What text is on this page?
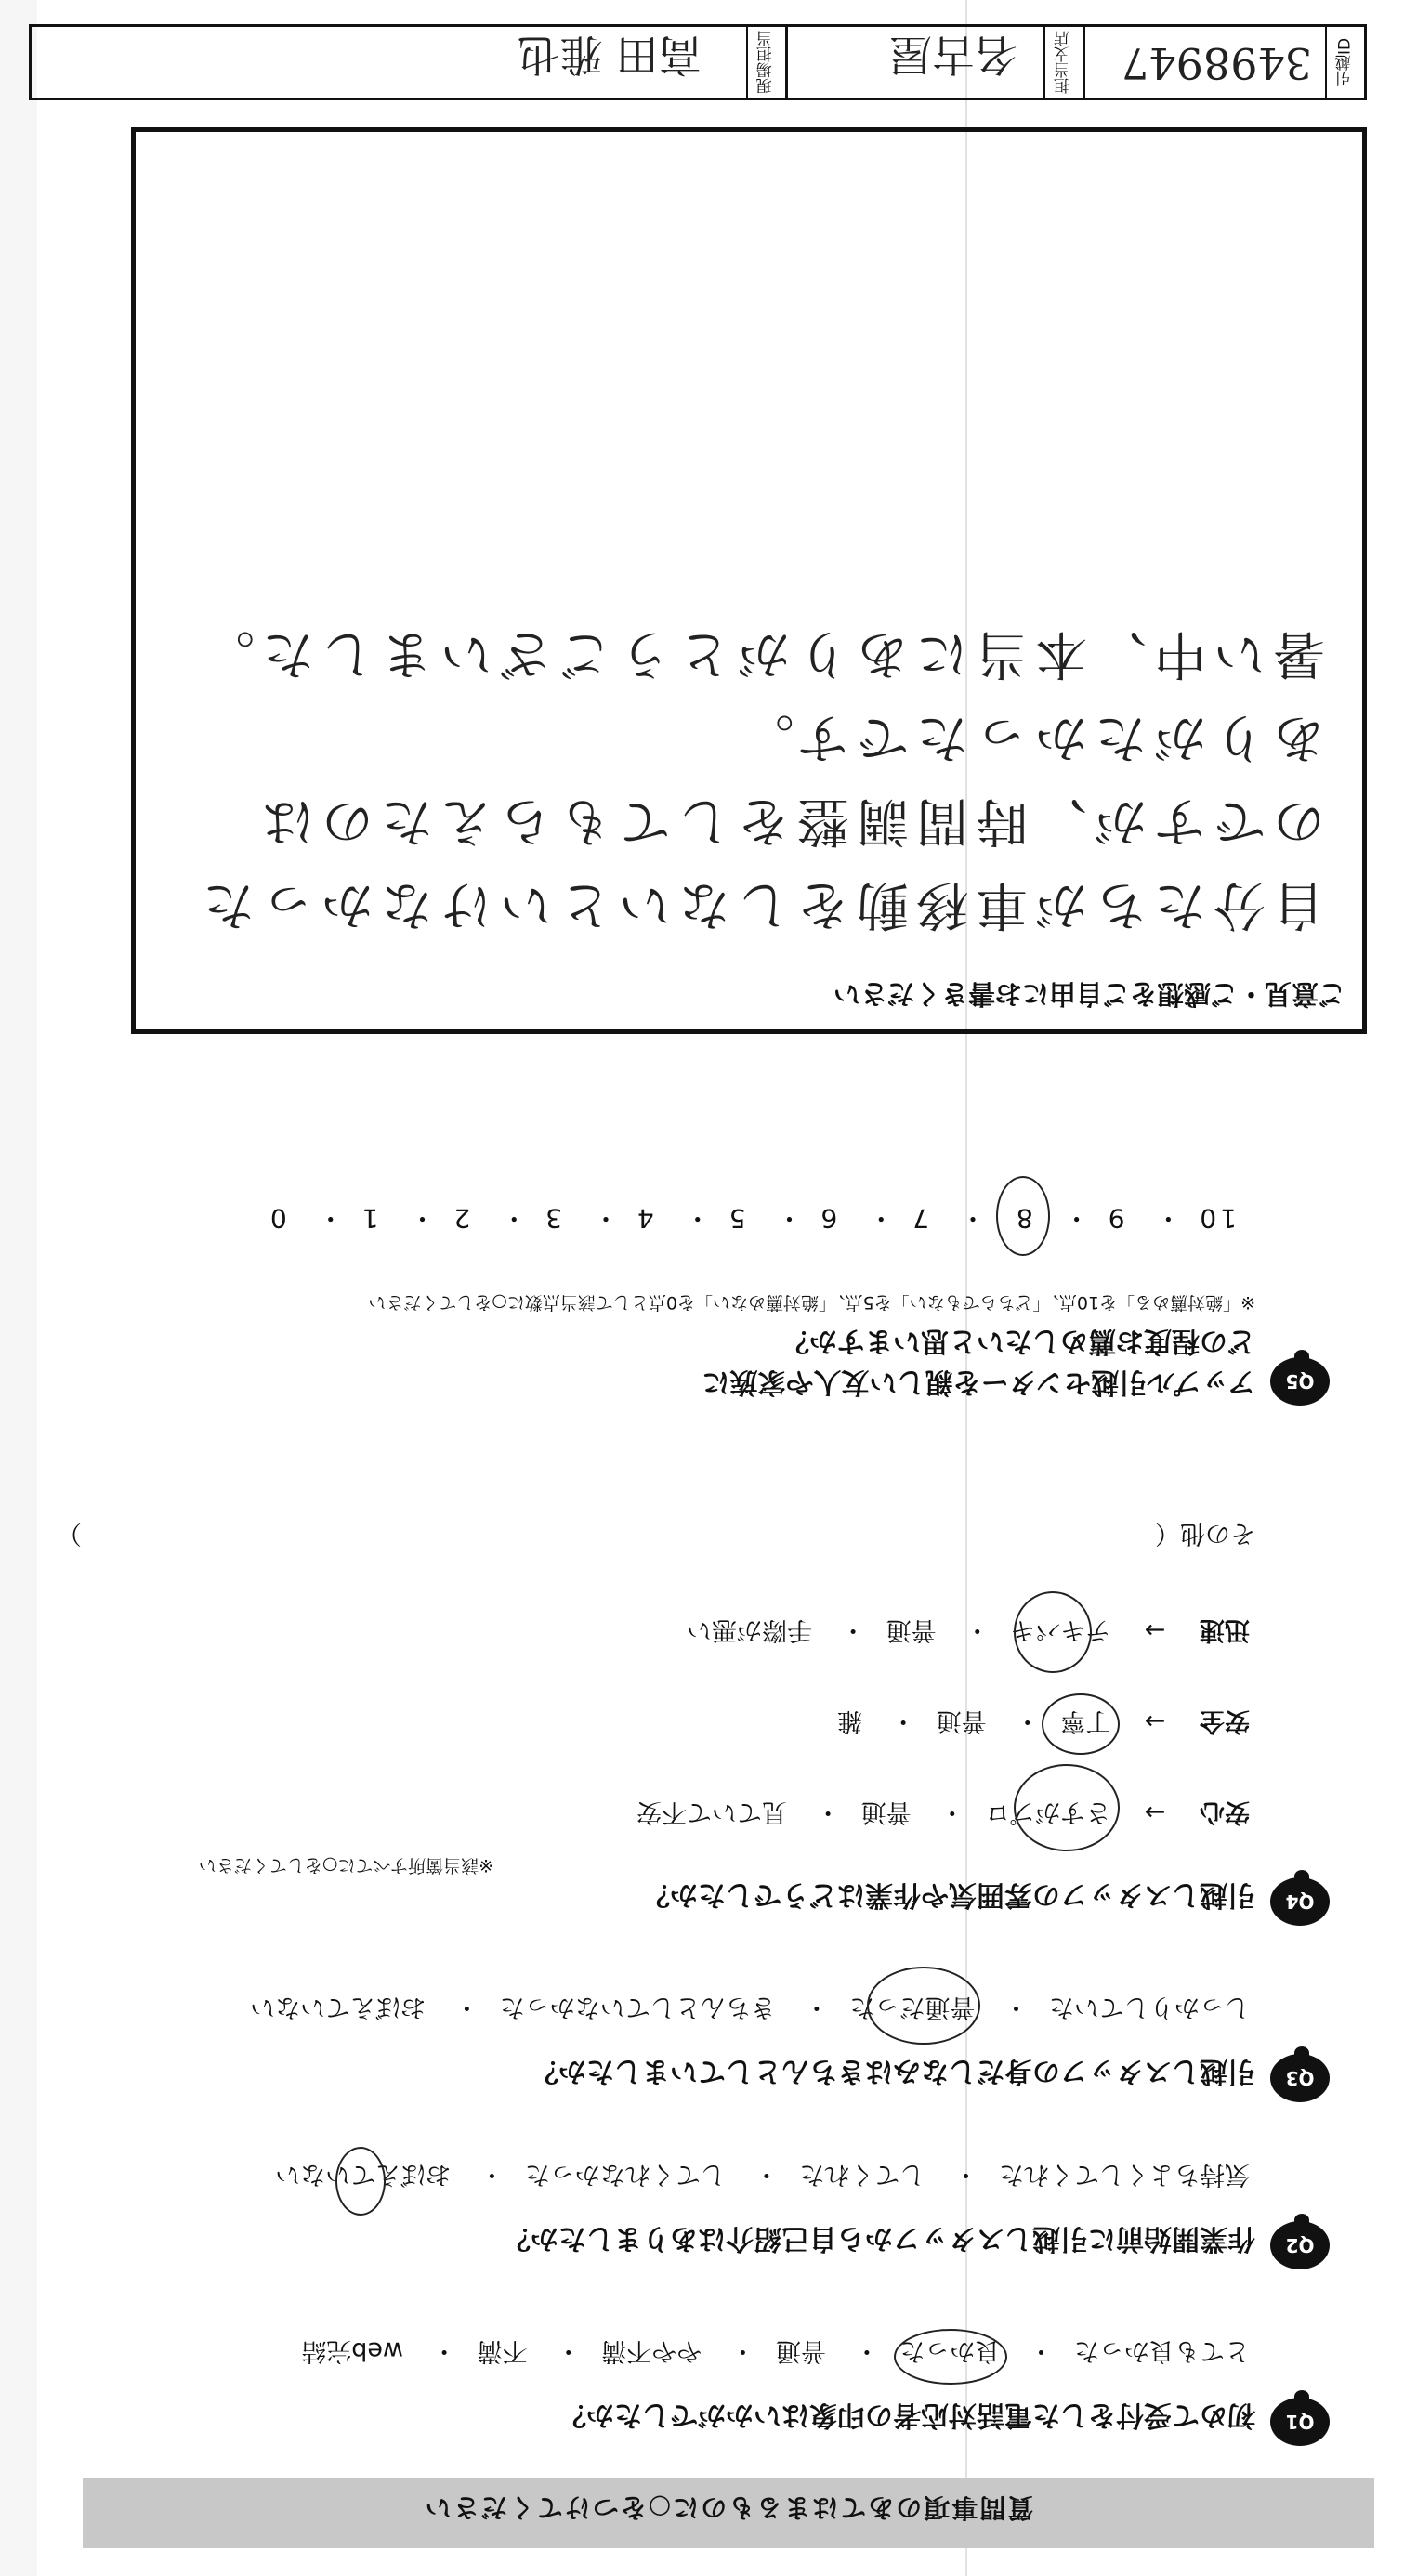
質問事項のあてはまるものに○をつけてください
Q1
初めて受付をした電話対応者の印象はいかがでしたか？
とても良かった・ 良かった
・ 普通・ やや不満・ 不満・ web完結
Q2
作業開始前に引越しスタッフから自己紹介はありましたか？
気持ちよくしてくれた・ してくれた・ してくれなかった・ おぼえていない
Q3
引越しスタッフの身だしなみはきちんとしていましたか？
しっかりしていた・ 普通だった
・ きちんとしていなかった・ おぼえていない
Q4
引越しスタッフの雰囲気や作業はどうでしたか？
※該当箇所すべてに○をしてください
安心 → さすがプロ
・ 普通・ 見ていて不安
安全 → 丁寧
・ 普通・ 雑
迅速 → テキパキ
・ 普通・ 手際が悪い
その他（
）
Q5
アップル引越センターを親しい友人や家族に
どの程度お薦めしたいと思いますか？
※「絶対薦める」を10点、「どちらでもない」を5点、「絶対薦めない」を0点として該当点数に○をしてください
10・ 9・ 8
・ 7・ 6・ 5・ 4・ 3・ 2・ 1・ 0
ご意見・ご感想をご自由にお書きください
自分たちが車移動をしないといけなかった
のですが、時間調整をしてもらえたのは
ありがたかったです。
暑い中、本当にありがとうございました。
引越ID
3498947
担当支店
名古屋
現場担当
高田 雅也
